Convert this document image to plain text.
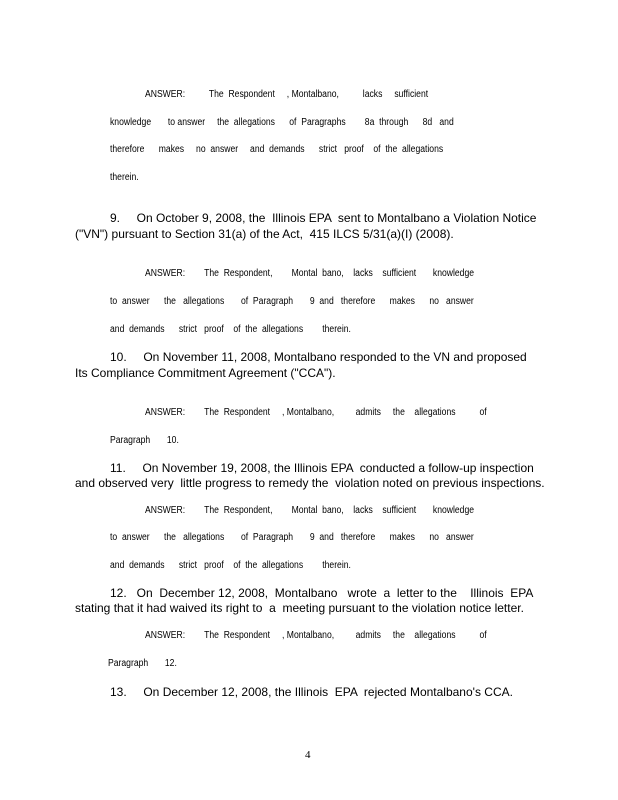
ANSWER:          The  Respondent     , Montalbano,          lacks     sufficient
knowledge       to answer     the  allegations      of  Paragraphs        8a  through      8d   and
therefore      makes     no  answer     and  demands      strict   proof    of  the  allegations
therein.
9.     On October 9, 2008, the  Illinois EPA  sent to Montalbano a Violation Notice
("VN") pursuant to Section 31(a) of the Act,  415 ILCS 5/31(a)(I) (2008).
ANSWER:        The  Respondent,        Montal  bano,    lacks    sufficient       knowledge
to  answer      the   allegations       of  Paragraph       9  and   therefore      makes      no   answer
and  demands      strict   proof    of  the  allegations        therein.
10.     On November 11, 2008, Montalbano responded to the VN and proposed
Its Compliance Commitment Agreement ("CCA").
ANSWER:        The  Respondent     , Montalbano,         admits     the    allegations          of
Paragraph       10.
11.     On November 19, 2008, the Illinois EPA  conducted a follow-up inspection
and observed very  little progress to remedy the  violation noted on previous inspections.
ANSWER:        The  Respondent,        Montal  bano,    lacks    sufficient       knowledge
to  answer      the   allegations       of  Paragraph       9  and   therefore      makes      no   answer
and  demands      strict   proof    of  the  allegations        therein.
12.   On  December 12, 2008,  Montalbano   wrote  a  letter to the    Illinois  EPA
stating that it had waived its right to  a  meeting pursuant to the violation notice letter.
ANSWER:        The  Respondent     , Montalbano,         admits     the    allegations          of
Paragraph       12.
13.     On December 12, 2008, the Illinois  EPA  rejected Montalbano's CCA.
4
